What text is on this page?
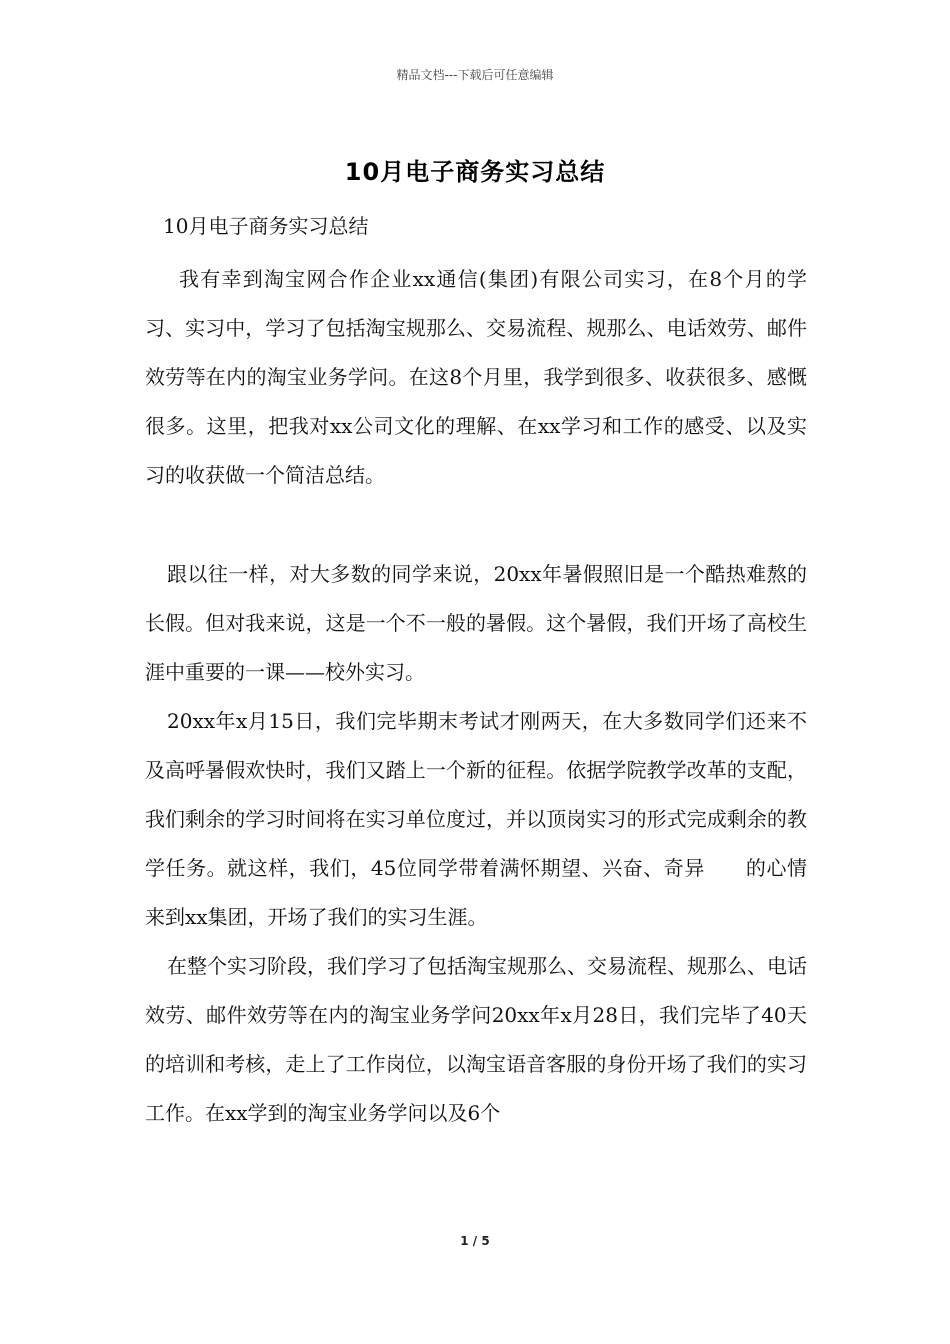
精品文档---下载后可任意编辑
10月电子商务实习总结

10月电子商务实习总结

我有幸到淘宝网合作企业xx通信(集团)有限公司实习，在8个月的学习、实习中，学习了包括淘宝规那么、交易流程、规那么、电话效劳、邮件效劳等在内的淘宝业务学问。在这8个月里，我学到很多、收获很多、感慨很多。这里，把我对xx公司文化的理解、在xx学习和工作的感受、以及实习的收获做一个简洁总结。

跟以往一样，对大多数的同学来说，20xx年暑假照旧是一个酷热难熬的长假。但对我来说，这是一个不一般的暑假。这个暑假，我们开场了高校生涯中重要的一课——校外实习。

20xx年x月15日，我们完毕期末考试才刚两天，在大多数同学们还来不及高呼暑假欢快时，我们又踏上一个新的征程。依据学院教学改革的支配，我们剩余的学习时间将在实习单位度过，并以顶岗实习的形式完成剩余的教学任务。就这样，我们，45位同学带着满怀期望、兴奋、奇异　　的心情来到xx集团，开场了我们的实习生涯。

在整个实习阶段，我们学习了包括淘宝规那么、交易流程、规那么、电话效劳、邮件效劳等在内的淘宝业务学问20xx年x月28日，我们完毕了40天的培训和考核，走上了工作岗位，以淘宝语音客服的身份开场了我们的实习工作。在xx学到的淘宝业务学问以及6个

1 / 5
